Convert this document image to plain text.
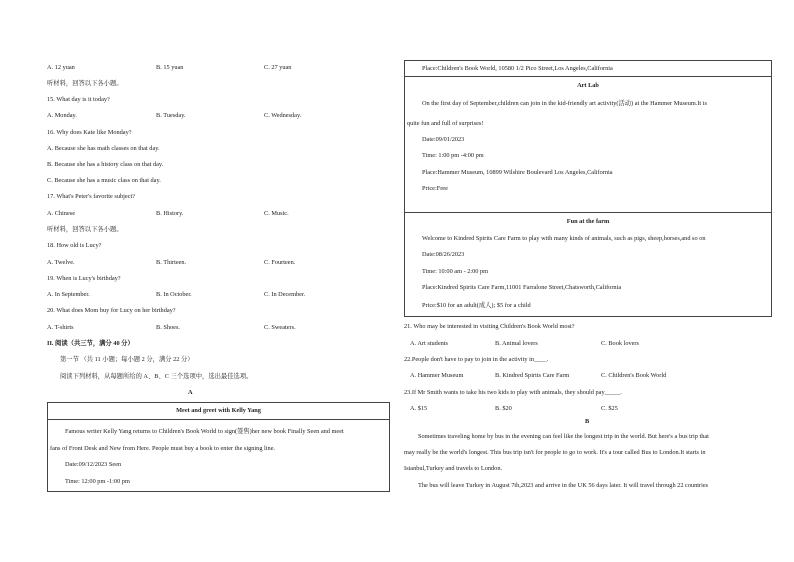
A. 12 yuan	B. 15 yuan	C. 27 yuan
听材料，回答以下各小题。
15. What day is it today?
A. Monday.	B. Tuesday.	C. Wednesday.
16. Why does Kate like Monday?
A. Because she has math classes on that day.
B. Because she has a history class on that day.
C. Because she has a music class on that day.
17. What's Peter's favorite subject?
A. Chinese	B. History.	C. Music.
听材料，回答以下各小题。
18. How old is Lucy?
A. Twelve.	B. Thirteen.	C. Fourteen.
19. When is Lucy's birthday?
A. In September.	B. In October.	C. In December.
20. What does Mom buy for Lucy on her birthday?
A. T-shirts	B. Shoes.	C. Sweaters.
II. 阅读（共三节，满分 40 分）
第一节 （共 11 小题；每小题 2 分，满分 22 分）
阅读下列材料，从每题所给的 A、B、C 三个选项中，选出最佳选项。
A
Meet and greet with Kelly Yang
Famous writer Kelly Yang returns to Children's Book World to sign(签售)her new book Finally Seen and meet
fans of Front Desk and New from Here. People must buy a book to enter the signing line.
Date:09/12/2023 Seen
Time: 12:00 pm -1:00 pm
Place:Children's Book World, 10580 1/2 Pico Street,Los Angeles,California
Art Lab
On the first day of September,children can join in the kid-friendly art activity(活动) at the Hammer Museum.It is
quite fun and full of surprises!
Date:09/01/2023
Time: 1:00 pm -4:00 pm
Place:Hammer Museum, 10899 Wilshire Boulevard Los Angeles,California
Price:Free
Fun at the farm
Welcome to Kindred Spirits Care Farm to play with many kinds of animals, such as pigs, sheep,horses,and so on
Date:08/26/2023
Time: 10:00 am - 2:00 pm
Place:Kindred Spirits Care Farm,11001 Farralone Street,Chatsworth,California
Price:$10 for an adult(成人); $5 for a child
21. Who may be interested in visiting Children's Book World most?
A. Art students	B. Animal lovers	C. Book lovers
22.People don't have to pay to join in the activity in____.
A. Hammer Museum	B. Kindred Spirits Care Farm	C. Children's Book World
23.If Mr Smith wants to take his two kids to play with animals, they should pay_____.
A. $15	B. $20	C. $25
B
Sometimes traveling home by bus in the evening can feel like the longest trip in the world. But here's a bus trip that
may really be the world's longest. This bus trip isn't for people to go to work. It's a tour called Bus to London.It starts in
Istanbul,Turkey and travels to London.
The bus will leave Turkey in August 7th,2023 and arrive in the UK 56 days later. It will travel through 22 countries
